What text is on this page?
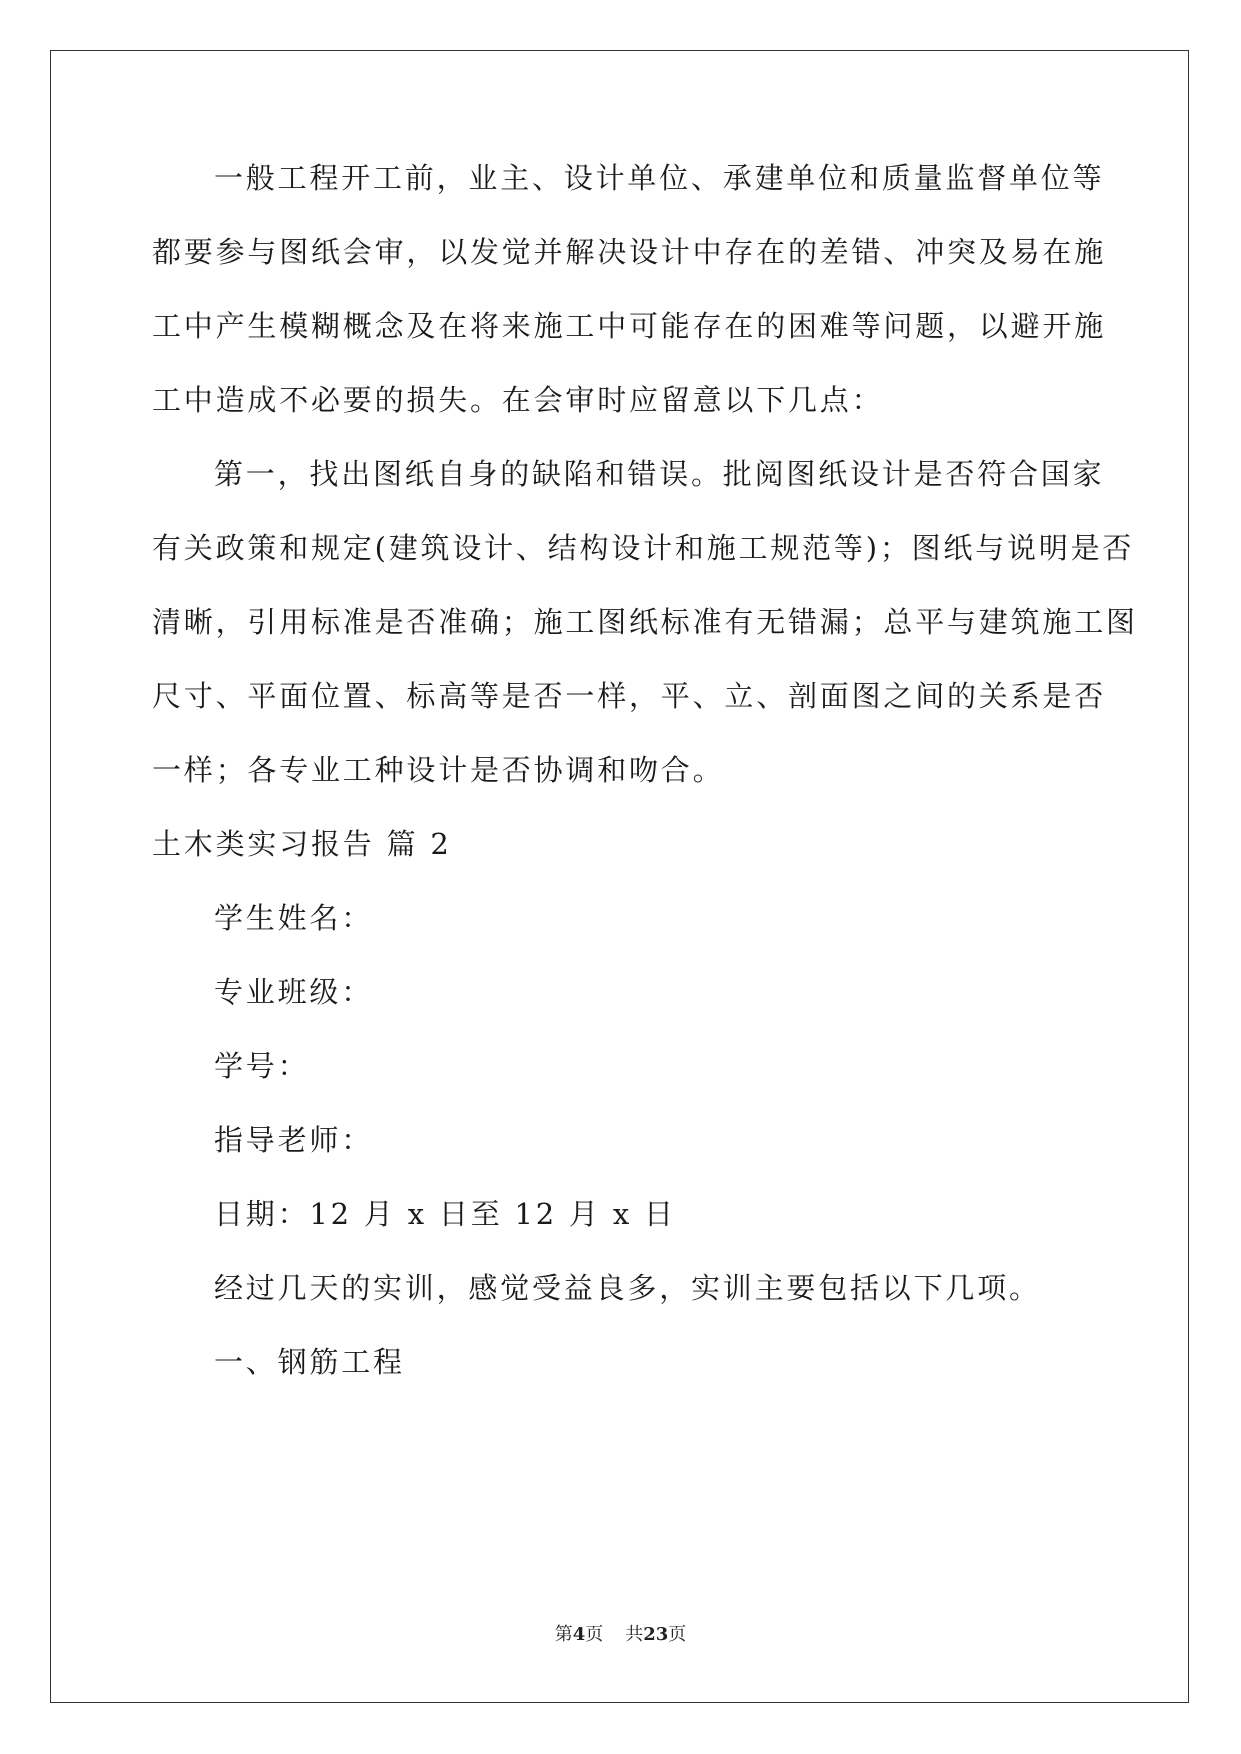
一般工程开工前，业主、设计单位、承建单位和质量监督单位等
都要参与图纸会审，以发觉并解决设计中存在的差错、冲突及易在施
工中产生模糊概念及在将来施工中可能存在的困难等问题，以避开施
工中造成不必要的损失。在会审时应留意以下几点：
第一，找出图纸自身的缺陷和错误。批阅图纸设计是否符合国家
有关政策和规定(建筑设计、结构设计和施工规范等)；图纸与说明是否
清晰，引用标准是否准确；施工图纸标准有无错漏；总平与建筑施工图
尺寸、平面位置、标高等是否一样，平、立、剖面图之间的关系是否
一样；各专业工种设计是否协调和吻合。
土木类实习报告 篇 2
学生姓名：
专业班级：
学号：
指导老师：
日期：12 月 x 日至 12 月 x 日
经过几天的实训，感觉受益良多，实训主要包括以下几项。
一、钢筋工程
第4页 共23页
